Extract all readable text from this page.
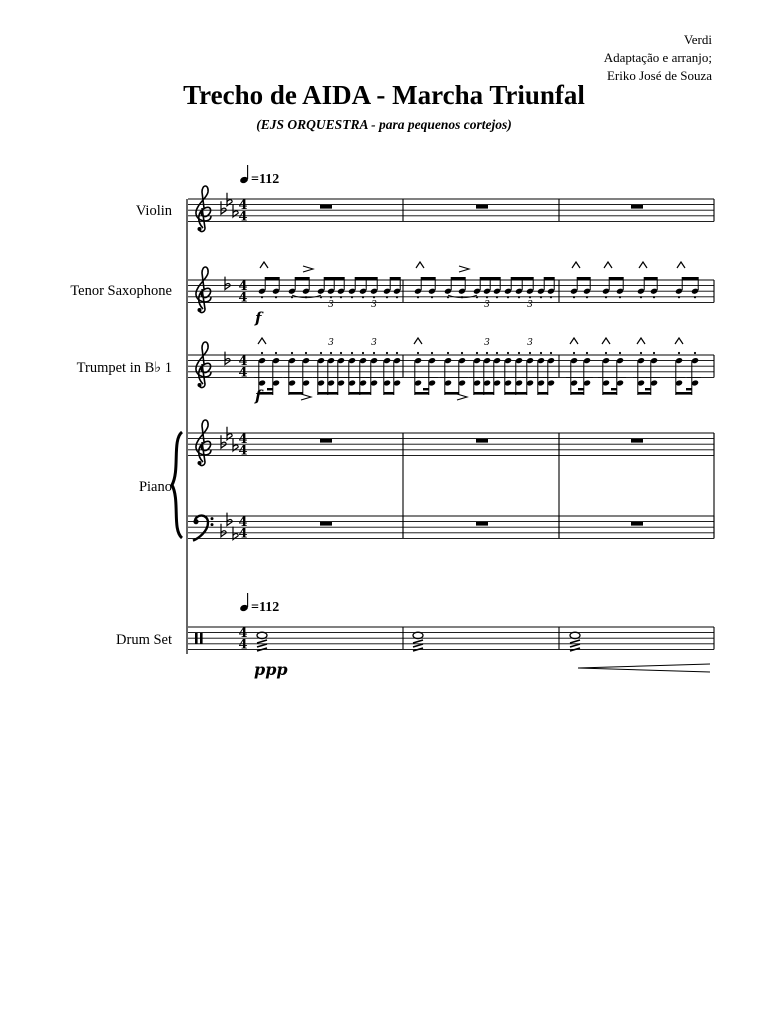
Verdi
Adaptação e arranjo;
Eriko José de Souza
Trecho de AIDA - Marcha Triunfal
(EJS ORQUESTRA - para pequenos cortejos)
Violin
Tenor Saxophone
Trumpet in B♭ 1
Piano
Drum Set
=112
=112
4
4
4
4
4
4
4
4
4
4
4
4
3	3	3	3
3	3	3	3
f
f
ppp
